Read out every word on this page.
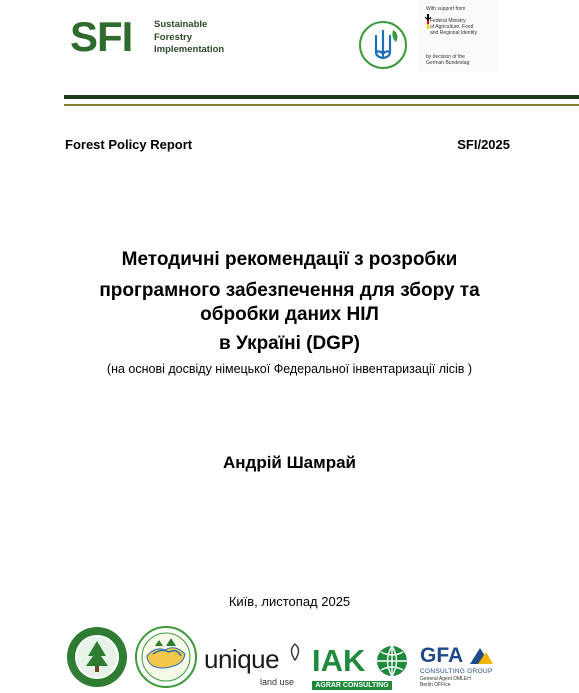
SFI Sustainable
Forestry
Implementation
With support from
Federal Ministry
of Agriculture, Food
and Regional Identity
by decision of the
German Bundestag
Forest Policy Report	SFI/2025
Методичні рекомендації з розробки
програмного забезпечення для збору та
обробки даних НІЛ
в Україні (DGP)
(на основі досвіду німецької Федеральної інвентаризації лісів )
Андрій Шамрай
Київ, листопад 2025
unique
land use
IAK
AGRAR CONSULTING
GFA
CONSULTING GROUP
General Agent DMLEH
Berlin OFFice
